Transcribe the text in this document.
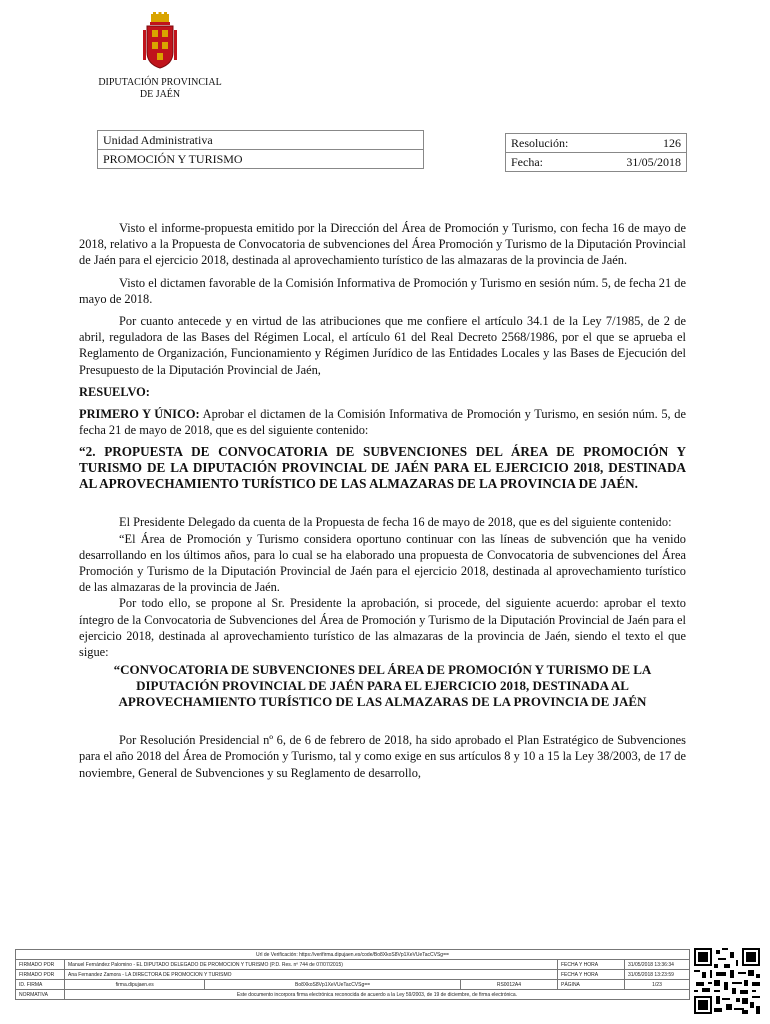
DIPUTACIÓN PROVINCIAL
DE JAÉN
Unidad Administrativa
PROMOCIÓN Y TURISMO
Resolución:	126
Fecha:	31/05/2018

Visto el informe-propuesta emitido por la Dirección del Área de Promoción y Turismo, con fecha 16 de mayo de 2018, relativo a la Propuesta de Convocatoria de subvenciones del Área Promoción y Turismo de la Diputación Provincial de Jaén para el ejercicio 2018, destinada al aprovechamiento turístico de las almazaras de la provincia de Jaén.

Visto el dictamen favorable de la Comisión Informativa de Promoción y Turismo en sesión núm. 5, de fecha 21 de mayo de 2018.

Por cuanto antecede y en virtud de las atribuciones que me confiere el artículo 34.1 de la Ley 7/1985, de 2 de abril, reguladora de las Bases del Régimen Local, el artículo 61 del Real Decreto 2568/1986, por el que se aprueba el Reglamento de Organización, Funcionamiento y Régimen Jurídico de las Entidades Locales y las Bases de Ejecución del Presupuesto de la Diputación Provincial de Jaén,

RESUELVO:

PRIMERO Y ÚNICO: Aprobar el dictamen de la Comisión Informativa de Promoción y Turismo, en sesión núm. 5, de fecha 21 de mayo de 2018, que es del siguiente contenido:

“2. PROPUESTA DE CONVOCATORIA DE SUBVENCIONES DEL ÁREA DE PROMOCIÓN Y TURISMO DE LA DIPUTACIÓN PROVINCIAL DE JAÉN PARA EL EJERCICIO 2018, DESTINADA AL APROVECHAMIENTO TURÍSTICO DE LAS ALMAZARAS DE LA PROVINCIA DE JAÉN.

El Presidente Delegado da cuenta de la Propuesta de fecha 16 de mayo de 2018, que es del siguiente contenido:

“El Área de Promoción y Turismo considera oportuno continuar con las líneas de subvención que ha venido desarrollando en los últimos años, para lo cual se ha elaborado una propuesta de Convocatoria de subvenciones del Área Promoción y Turismo de la Diputación Provincial de Jaén para el ejercicio 2018, destinada al aprovechamiento turístico de las almazaras de la provincia de Jaén.

Por todo ello, se propone al Sr. Presidente la aprobación, si procede, del siguiente acuerdo: aprobar el texto íntegro de la Convocatoria de Subvenciones del Área de Promoción y Turismo de la Diputación Provincial de Jaén para el ejercicio 2018, destinada al aprovechamiento turístico de las almazaras de la provincia de Jaén, siendo el texto el que sigue:

“CONVOCATORIA DE SUBVENCIONES DEL ÁREA DE PROMOCIÓN Y TURISMO DE LA DIPUTACIÓN PROVINCIAL DE JAÉN PARA EL EJERCICIO 2018, DESTINADA AL APROVECHAMIENTO TURÍSTICO DE LAS ALMAZARAS DE LA PROVINCIA DE JAÉN

Por Resolución Presidencial nº 6, de 6 de febrero de 2018, ha sido aprobado el Plan Estratégico de Subvenciones para el año 2018 del Área de Promoción y Turismo, tal y como exige en sus artículos 8 y 10 a 15 la Ley 38/2003, de 17 de noviembre, General de Subvenciones y su Reglamento de desarrollo,

Url de Verificación: https://verifirma.dipujaen.es/code/Bo8XkoS8Vp1XeVUeTacCVSg==					
FIRMADO POR	Manuel Fernández Palomino - EL DIPUTADO DELEGADO DE PROMOCION Y TURISMO (P.D. Res. nº 744 de 07/07/2015)			FECHA Y HORA	31/05/2018 13:36:34
FIRMADO POR	Ana Fernandez Zamora - LA DIRECTORA DE PROMOCION Y TURISMO			FECHA Y HORA	31/05/2018 13:23:59
ID. FIRMA	firma.dipujaen.es	Bo8XkoS8Vp1XeVUeTacCVSg==	RS0012A4	PÁGINA	1/23
NORMATIVA	Este documento incorpora firma electrónica reconocida de acuerdo a la Ley 59/2003, de 19 de diciembre, de firma electrónica.				
